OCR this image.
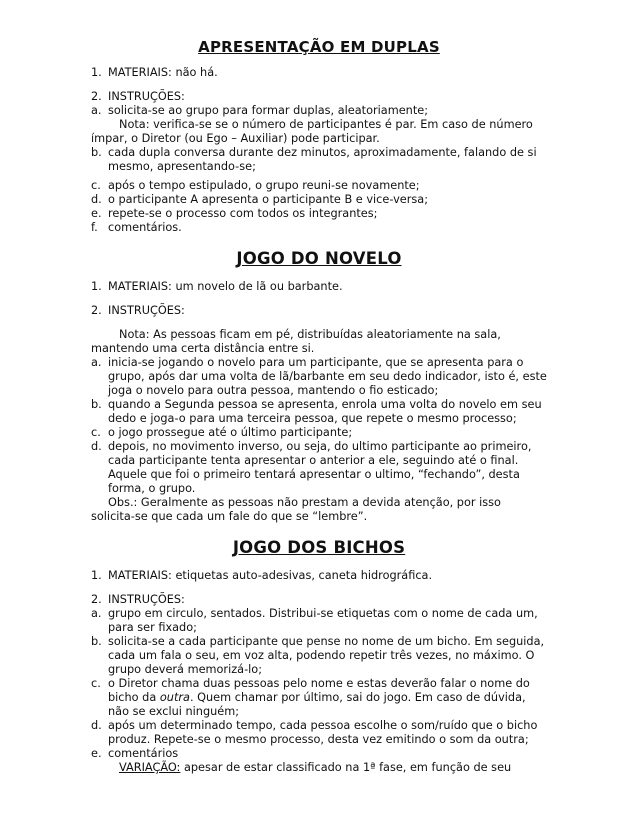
APRESENTAÇÃO EM DUPLAS
1. MATERIAIS: não há.
2. INSTRUÇÕES:
a. solicita-se ao grupo para formar duplas, aleatoriamente;

Nota: verifica-se se o número de participantes é par. Em caso de número ímpar, o Diretor (ou Ego – Auxiliar) pode participar.

b. cada dupla conversa durante dez minutos, aproximadamente, falando de si mesmo, apresentando-se;
c. após o tempo estipulado, o grupo reuni-se novamente;
d. o participante A apresenta o participante B e vice-versa;
e. repete-se o processo com todos os integrantes;
f. comentários.
JOGO DO NOVELO
1. MATERIAIS: um novelo de lã ou barbante.
2. INSTRUÇÕES:

Nota: As pessoas ficam em pé, distribuídas aleatoriamente na sala, mantendo uma certa distância entre si.

a. inicia-se jogando o novelo para um participante, que se apresenta para o grupo, após dar uma volta de lã/barbante em seu dedo indicador, isto é, este joga o novelo para outra pessoa, mantendo o fio esticado;
b. quando a Segunda pessoa se apresenta, enrola uma volta do novelo em seu dedo e joga-o para uma terceira pessoa, que repete o mesmo processo;
c. o jogo prossegue até o último participante;
d. depois, no movimento inverso, ou seja, do ultimo participante ao primeiro, cada participante tenta apresentar o anterior a ele, seguindo até o final. Aquele que foi o primeiro tentará apresentar o ultimo, “fechando”, desta forma, o grupo.

Obs.: Geralmente as pessoas não prestam a devida atenção, por isso solicita-se que cada um fale do que se “lembre”.

JOGO DOS BICHOS
1. MATERIAIS: etiquetas auto-adesivas, caneta hidrográfica.
2. INSTRUÇÕES:
a. grupo em circulo, sentados. Distribui-se etiquetas com o nome de cada um, para ser fixado;
b. solicita-se a cada participante que pense no nome de um bicho. Em seguida, cada um fala o seu, em voz alta, podendo repetir três vezes, no máximo. O grupo deverá memorizá-lo;
c. o Diretor chama duas pessoas pelo nome e estas deverão falar o nome do bicho da outra. Quem chamar por último, sai do jogo. Em caso de dúvida, não se exclui ninguém;
d. após um determinado tempo, cada pessoa escolhe o som/ruído que o bicho produz. Repete-se o mesmo processo, desta vez emitindo o som da outra;
e. comentários

VARIAÇÃO: apesar de estar classificado na 1ª fase, em função de seu
